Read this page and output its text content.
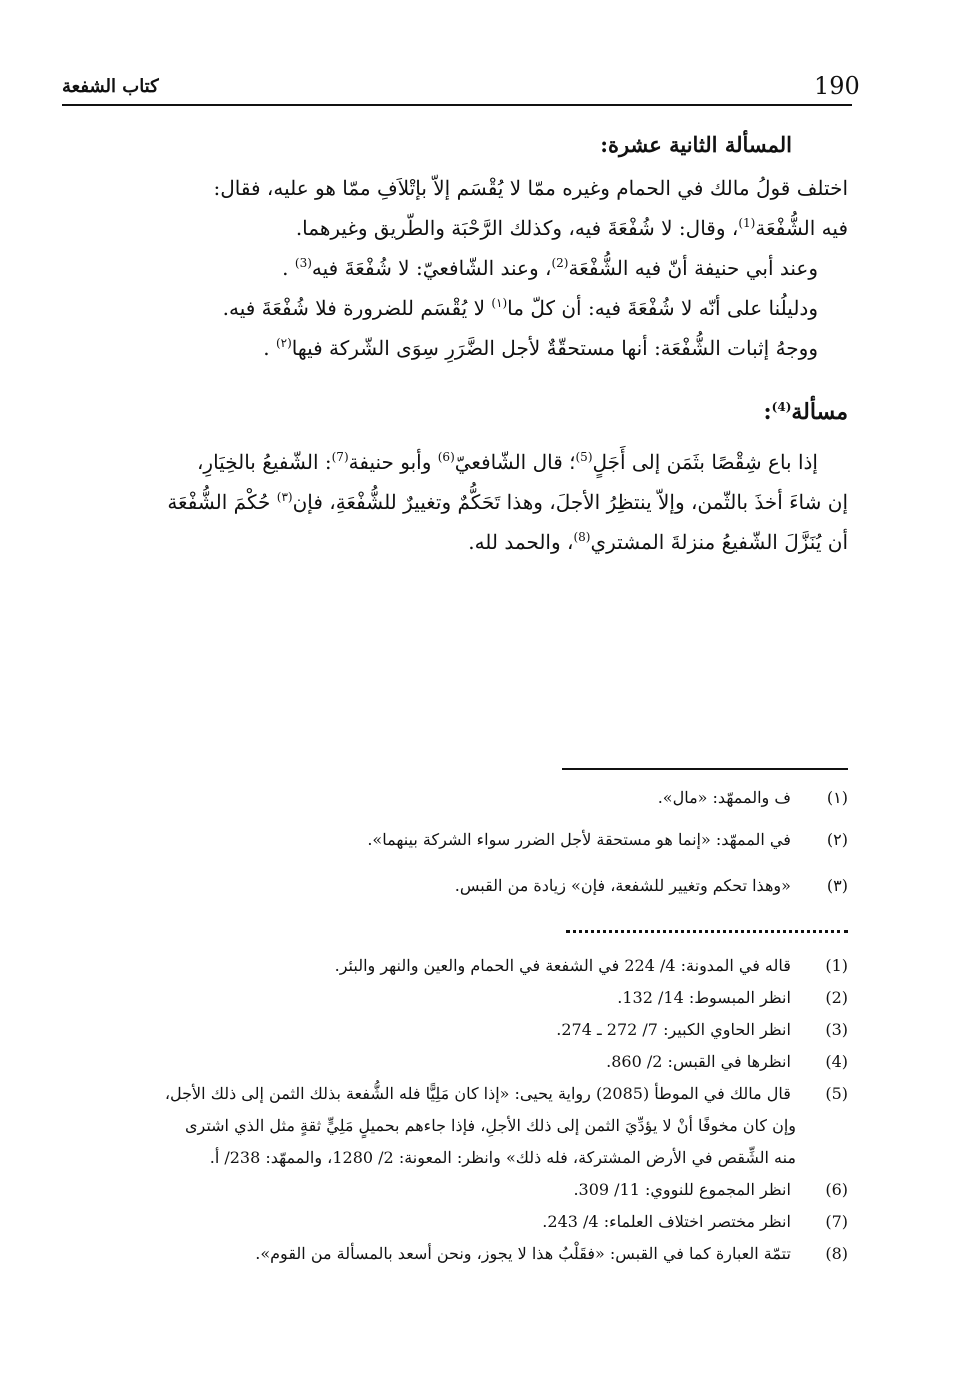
190
كتاب الشفعة
المسألة الثانية عشرة:
اختلف قولُ مالك في الحمام وغيره ممّا لا يُقْسَم إلاّ بإتْلاَفِ ممّا هو عليه، فقال:
فيه الشُّفْعَة$^{(1)}$، وقال: لا شُفْعَةَ فيه، وكذلك الرَّحْبَة والطّريق وغيرهما.
وعند أبي حنيفة أنّ فيه الشُّفْعَة$^{(2)}$، وعند الشّافعيّ: لا شُفْعَةَ فيه$^{(3)}$ .
ودليلُنا على أنّه لا شُفْعَةَ فيه: أن كلّ ما$^{(١)}$ لا يُقْسَم للضرورة فلا شُفْعَةَ فيه.
ووجهُ إثبات الشُّفْعَة: أنها مستحقّةٌ لأجل الضَّرَرِ سِوَى الشّركة فيها$^{(٢)}$ .
مسألة$^{(4)}$:
إذا باع شِقْصًا بثَمَن إلى أَجَلٍ$^{(5)}$؛ قال الشّافعيّ$^{(6)}$ وأبو حنيفة$^{(7)}$: الشّفيعُ بالخِيَارِ،
إن شاءَ أخذَ بالثّمن، وإلاّ ينتظِرُ الأجلَ، وهذا تَحَكُّمٌ وتغييرٌ للشُّفْعَةِ، فإن$^{(٣)}$ حُكْمَ الشُّفْعَة
أن يُنَزَّلَ الشّفيعُ منزلةَ المشتري$^{(8)}$، والحمد لله.
(١) ف والممهّد: «مال».
(٢) في الممهّد: «إنما هو مستحقة لأجل الضرر سواء الشركة بينهما».
(٣) «وهذا تحكم وتغيير للشفعة، فإن» زيادة من القبس.
(1) قاله في المدونة: 4/ 224 في الشفعة في الحمام والعين والنهر والبئر.
(2) انظر المبسوط: 14/ 132.
(3) انظر الحاوي الكبير: 7/ 272 ـ 274.
(4) انظرها في القبس: 2/ 860.
(5) قال مالك في الموطأ (2085) رواية يحيى: «إذا كان مَلِيًّا فله الشُّفعة بذلك الثمن إلى ذلك الأجل،
وإن كان مخوفًا أنْ لا يؤدِّيَ الثمن إلى ذلك الأجلِ، فإذا جاءهم بحميلٍ مَلِيٍّ ثقةٍ مثل الذي اشترى
منه الشِّقص في الأرض المشتركة، فله ذلك» وانظر: المعونة: 2/ 1280، والممهّد: 238/ أ.
(6) انظر المجموع للنووي: 11/ 309.
(7) انظر مختصر اختلاف العلماء: 4/ 243.
(8) تتمّة العبارة كما في القبس: «فقَلْبُ هذا لا يجوز، ونحن أسعد بالمسألة من القوم».
